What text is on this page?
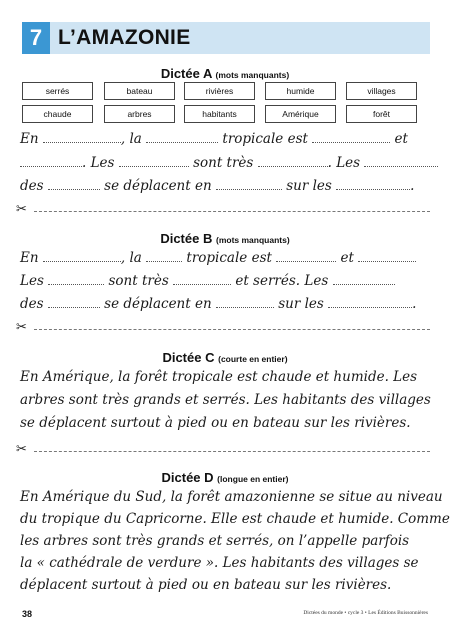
7 L’AMAZONIE
Dictée A (mots manquants)
serrés	bateau	rivières	humide	villages
chaude	arbres	habitants	Amérique	forêt
En	, la	tropicale est	et
. Les	sont très	. Les
des	se déplacent en	sur les	.
✂
Dictée B (mots manquants)
En	, la	tropicale est	et
Les	sont très	et serrés. Les
des	se déplacent en	sur les	.
✂
Dictée C (courte en entier)
En Amérique, la forêt tropicale est chaude et humide. Les
arbres sont très grands et serrés. Les habitants des villages
se déplacent surtout à pied ou en bateau sur les rivières.
✂
Dictée D (longue en entier)
En Amérique du Sud, la forêt amazonienne se situe au niveau
du tropique du Capricorne. Elle est chaude et humide. Comme
les arbres sont très grands et serrés, on l’appelle parfois
la « cathédrale de verdure ». Les habitants des villages se
déplacent surtout à pied ou en bateau sur les rivières.
38	Dictées du monde • cycle 3 • Les Éditions Buissonnières
